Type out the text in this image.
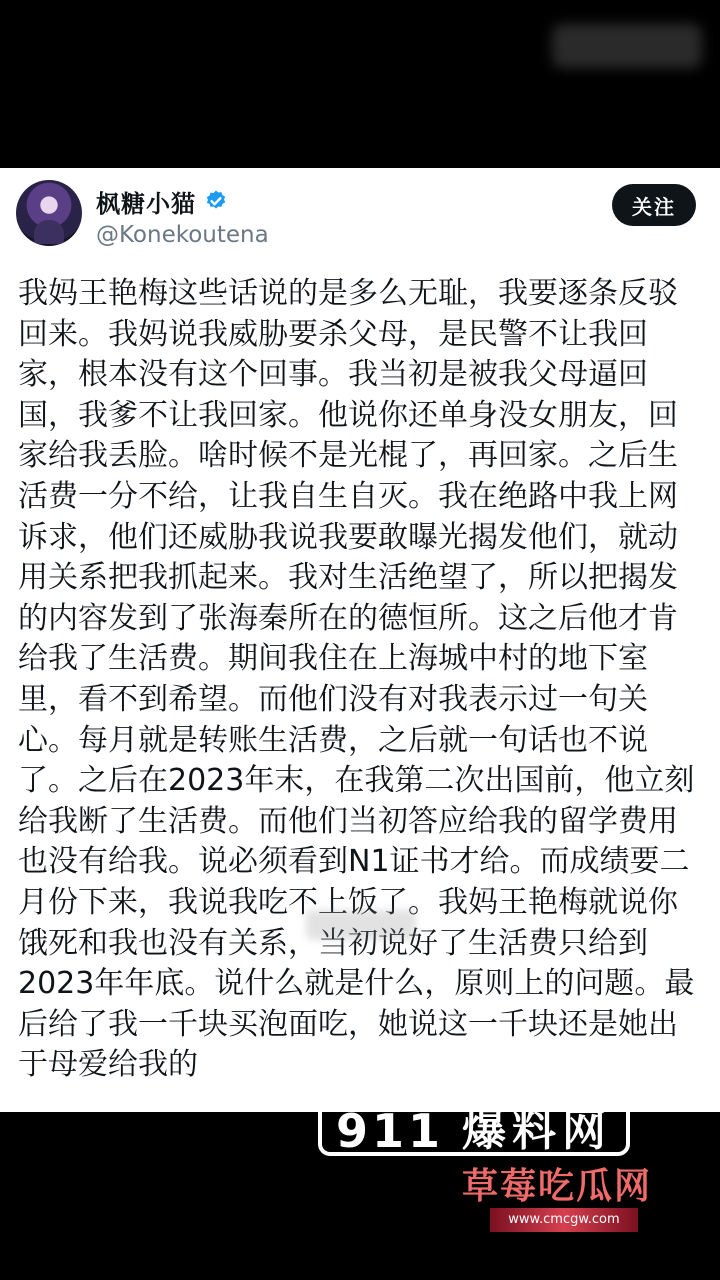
枫糖小猫
@Konekoutena
关注
我妈王艳梅这些话说的是多么无耻，我要逐条反驳
回来。我妈说我威胁要杀父母，是民警不让我回
家，根本没有这个回事。我当初是被我父母逼回
国，我爹不让我回家。他说你还单身没女朋友，回
家给我丢脸。啥时候不是光棍了，再回家。之后生
活费一分不给，让我自生自灭。我在绝路中我上网
诉求，他们还威胁我说我要敢曝光揭发他们，就动
用关系把我抓起来。我对生活绝望了，所以把揭发
的内容发到了张海秦所在的德恒所。这之后他才肯
给我了生活费。期间我住在上海城中村的地下室
里，看不到希望。而他们没有对我表示过一句关
心。每月就是转账生活费，之后就一句话也不说
了。之后在2023年末，在我第二次出国前，他立刻
给我断了生活费。而他们当初答应给我的留学费用
也没有给我。说必须看到N1证书才给。而成绩要二
月份下来，我说我吃不上饭了。我妈王艳梅就说你
饿死和我也没有关系，当初说好了生活费只给到
2023年年底。说什么就是什么，原则上的问题。最
后给了我一千块买泡面吃，她说这一千块还是她出
于母爱给我的
911 爆料网
草莓吃瓜网
www.cmcgw.com
